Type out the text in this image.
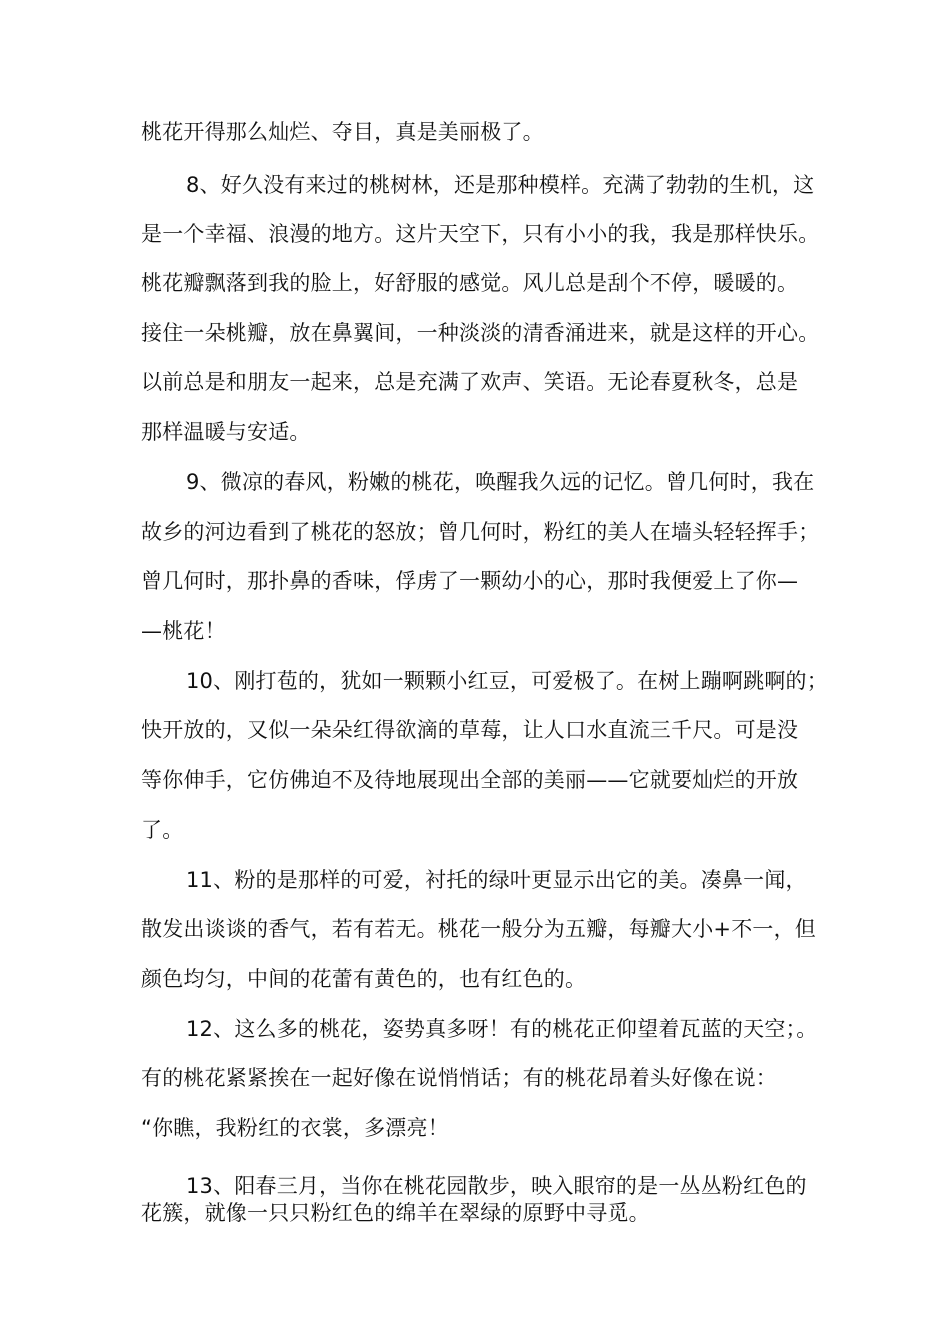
桃花开得那么灿烂、夺目，真是美丽极了。
8、好久没有来过的桃树林，还是那种模样。充满了勃勃的生机，这
是一个幸福、浪漫的地方。这片天空下，只有小小的我，我是那样快乐。
桃花瓣飘落到我的脸上，好舒服的感觉。风儿总是刮个不停，暖暖的。
接住一朵桃瓣，放在鼻翼间，一种淡淡的清香涌进来，就是这样的开心。
以前总是和朋友一起来，总是充满了欢声、笑语。无论春夏秋冬，总是
那样温暖与安适。
9、微凉的春风，粉嫩的桃花，唤醒我久远的记忆。曾几何时，我在
故乡的河边看到了桃花的怒放；曾几何时，粉红的美人在墙头轻轻挥手；
曾几何时，那扑鼻的香味，俘虏了一颗幼小的心，那时我便爱上了你—
—桃花！
10、刚打苞的，犹如一颗颗小红豆，可爱极了。在树上蹦啊跳啊的；
快开放的，又似一朵朵红得欲滴的草莓，让人口水直流三千尺。可是没
等你伸手，它仿佛迫不及待地展现出全部的美丽——它就要灿烂的开放
了。
11、粉的是那样的可爱，衬托的绿叶更显示出它的美。凑鼻一闻，
散发出谈谈的香气，若有若无。桃花一般分为五瓣，每瓣大小+不一，但
颜色均匀，中间的花蕾有黄色的，也有红色的。
12、这么多的桃花，姿势真多呀！有的桃花正仰望着瓦蓝的天空；。
有的桃花紧紧挨在一起好像在说悄悄话；有的桃花昂着头好像在说：
“你瞧，我粉红的衣裳，多漂亮！
13、阳春三月，当你在桃花园散步，映入眼帘的是一丛丛粉红色的
花簇，就像一只只粉红色的绵羊在翠绿的原野中寻觅。
